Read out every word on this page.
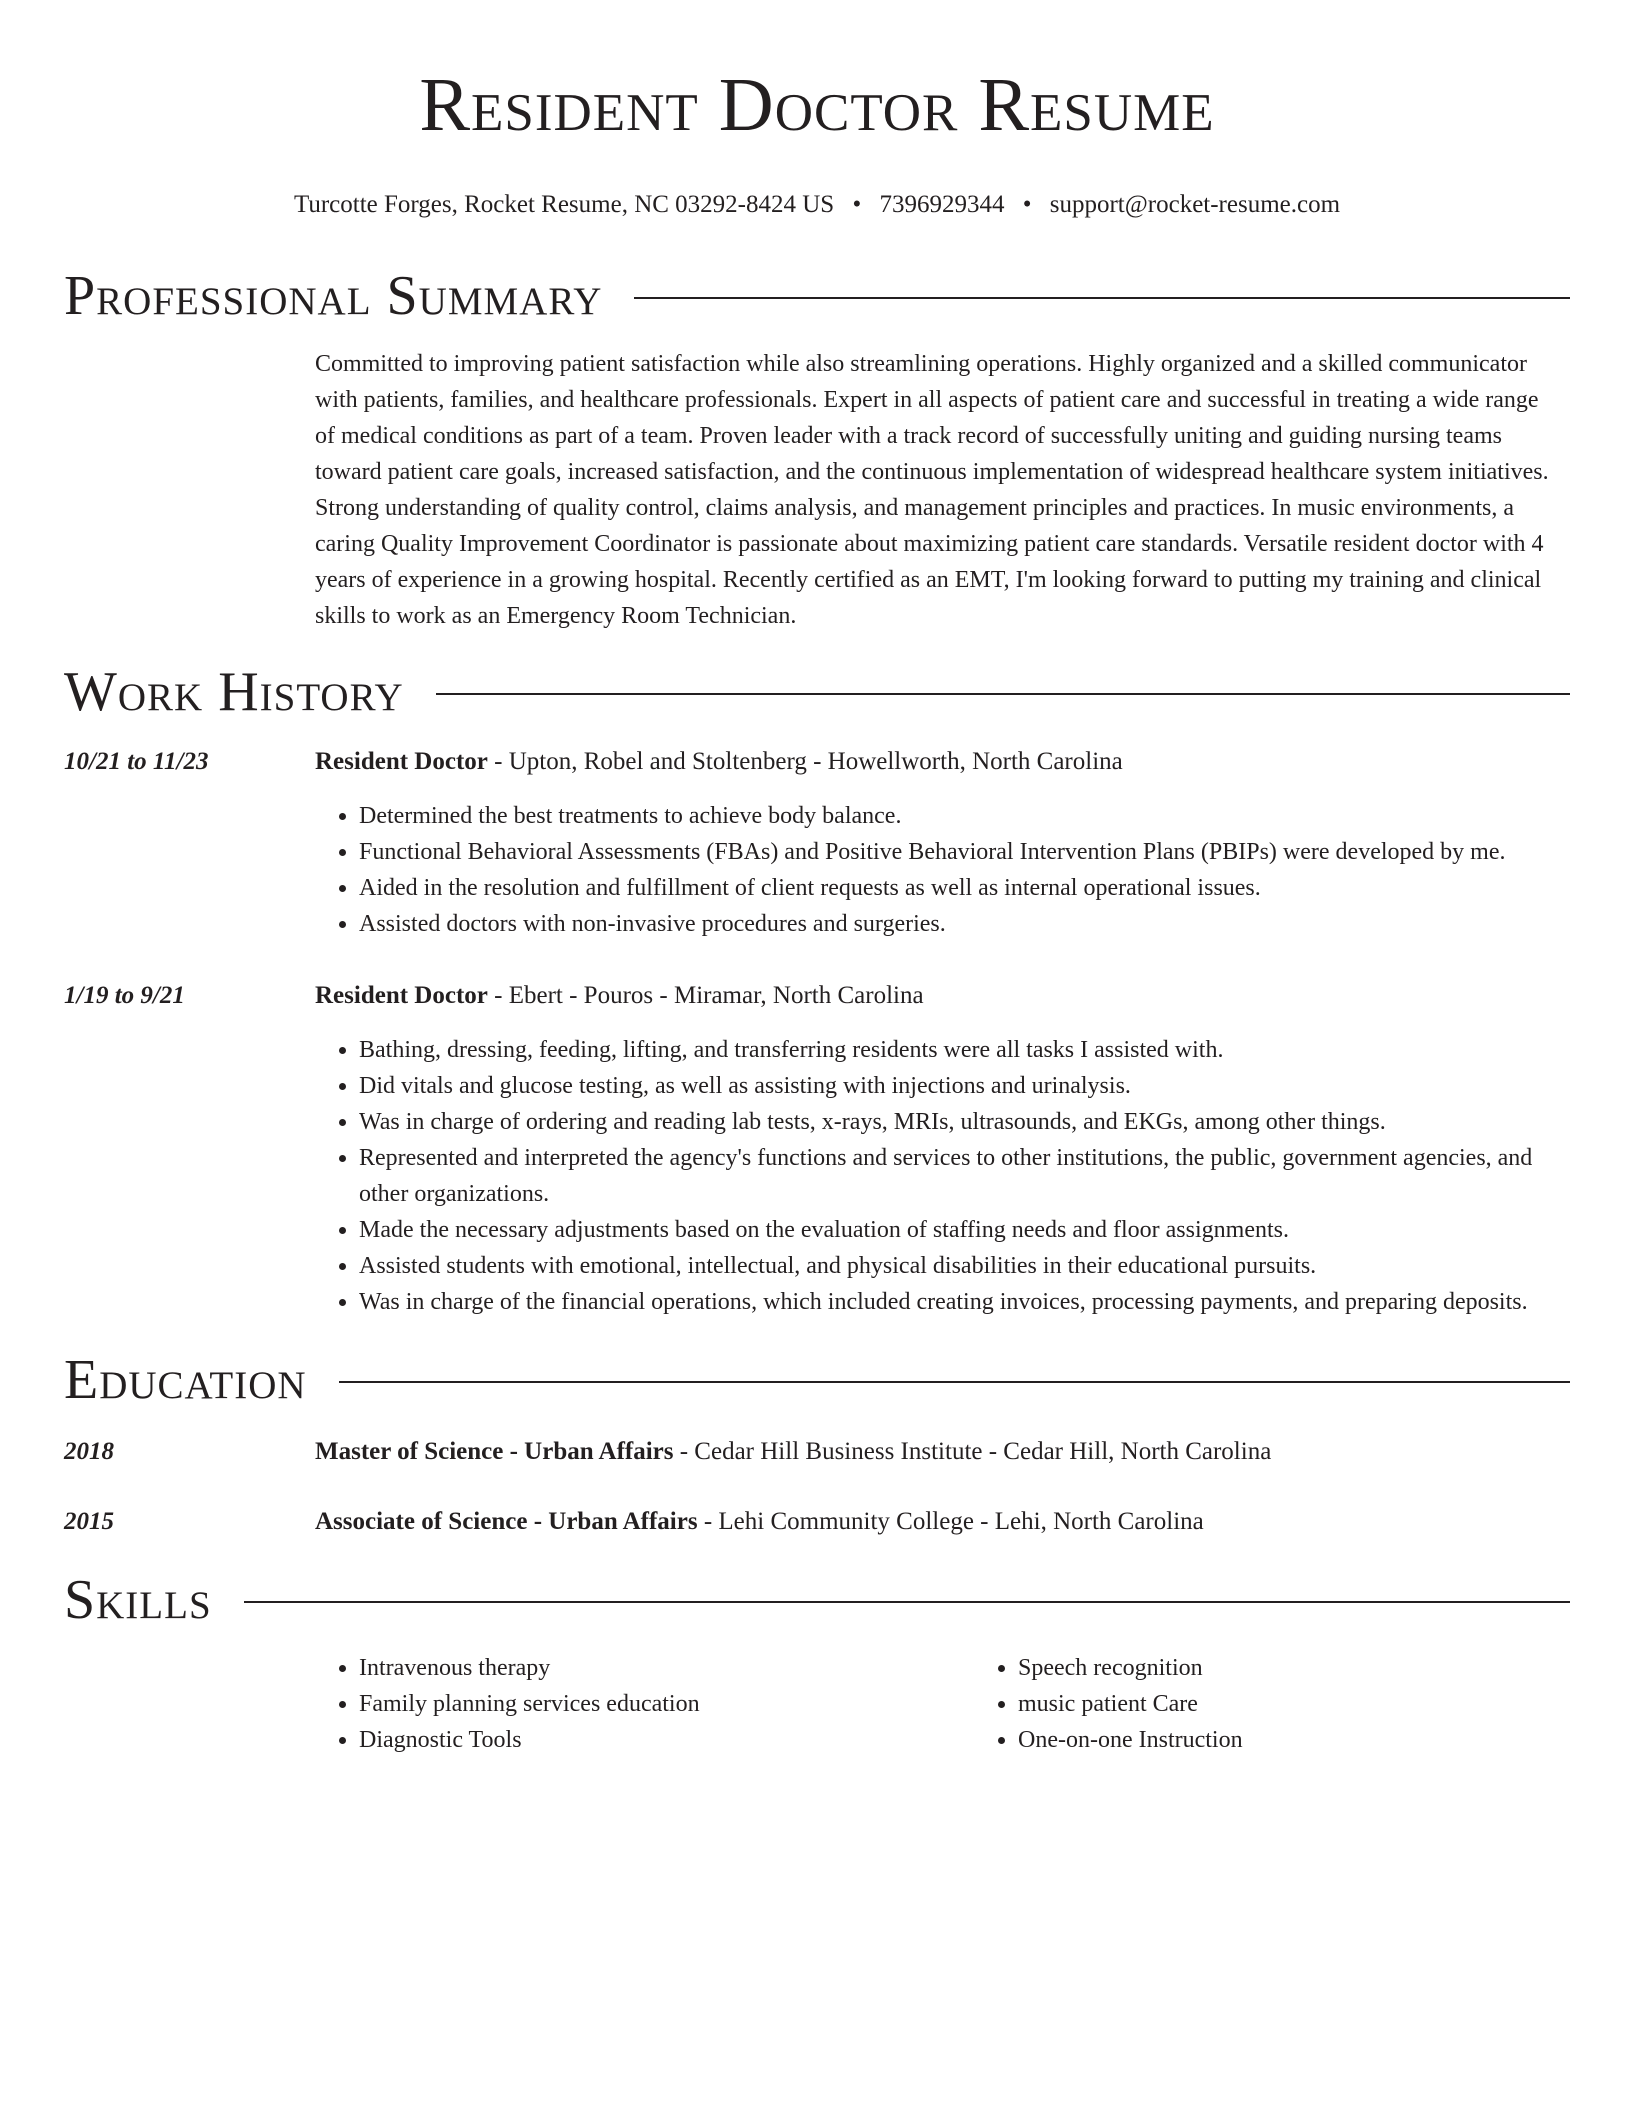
Resident Doctor Resume
Turcotte Forges, Rocket Resume, NC 03292-8424 US • 7396929344 • support@rocket-resume.com
Professional Summary
Committed to improving patient satisfaction while also streamlining operations. Highly organized and a skilled communicator with patients, families, and healthcare professionals. Expert in all aspects of patient care and successful in treating a wide range of medical conditions as part of a team. Proven leader with a track record of successfully uniting and guiding nursing teams toward patient care goals, increased satisfaction, and the continuous implementation of widespread healthcare system initiatives. Strong understanding of quality control, claims analysis, and management principles and practices. In music environments, a caring Quality Improvement Coordinator is passionate about maximizing patient care standards. Versatile resident doctor with 4 years of experience in a growing hospital. Recently certified as an EMT, I'm looking forward to putting my training and clinical skills to work as an Emergency Room Technician.
Work History
10/21 to 11/23	Resident Doctor - Upton, Robel and Stoltenberg - Howellworth, North Carolina
• Determined the best treatments to achieve body balance.
• Functional Behavioral Assessments (FBAs) and Positive Behavioral Intervention Plans (PBIPs) were developed by me.
• Aided in the resolution and fulfillment of client requests as well as internal operational issues.
• Assisted doctors with non-invasive procedures and surgeries.
1/19 to 9/21	Resident Doctor - Ebert - Pouros - Miramar, North Carolina
• Bathing, dressing, feeding, lifting, and transferring residents were all tasks I assisted with.
• Did vitals and glucose testing, as well as assisting with injections and urinalysis.
• Was in charge of ordering and reading lab tests, x-rays, MRIs, ultrasounds, and EKGs, among other things.
• Represented and interpreted the agency's functions and services to other institutions, the public, government agencies, and other organizations.
• Made the necessary adjustments based on the evaluation of staffing needs and floor assignments.
• Assisted students with emotional, intellectual, and physical disabilities in their educational pursuits.
• Was in charge of the financial operations, which included creating invoices, processing payments, and preparing deposits.
Education
2018	Master of Science - Urban Affairs - Cedar Hill Business Institute - Cedar Hill, North Carolina
2015	Associate of Science - Urban Affairs - Lehi Community College - Lehi, North Carolina
Skills
• Intravenous therapy
• Family planning services education
• Diagnostic Tools
• Speech recognition
• music patient Care
• One-on-one Instruction
